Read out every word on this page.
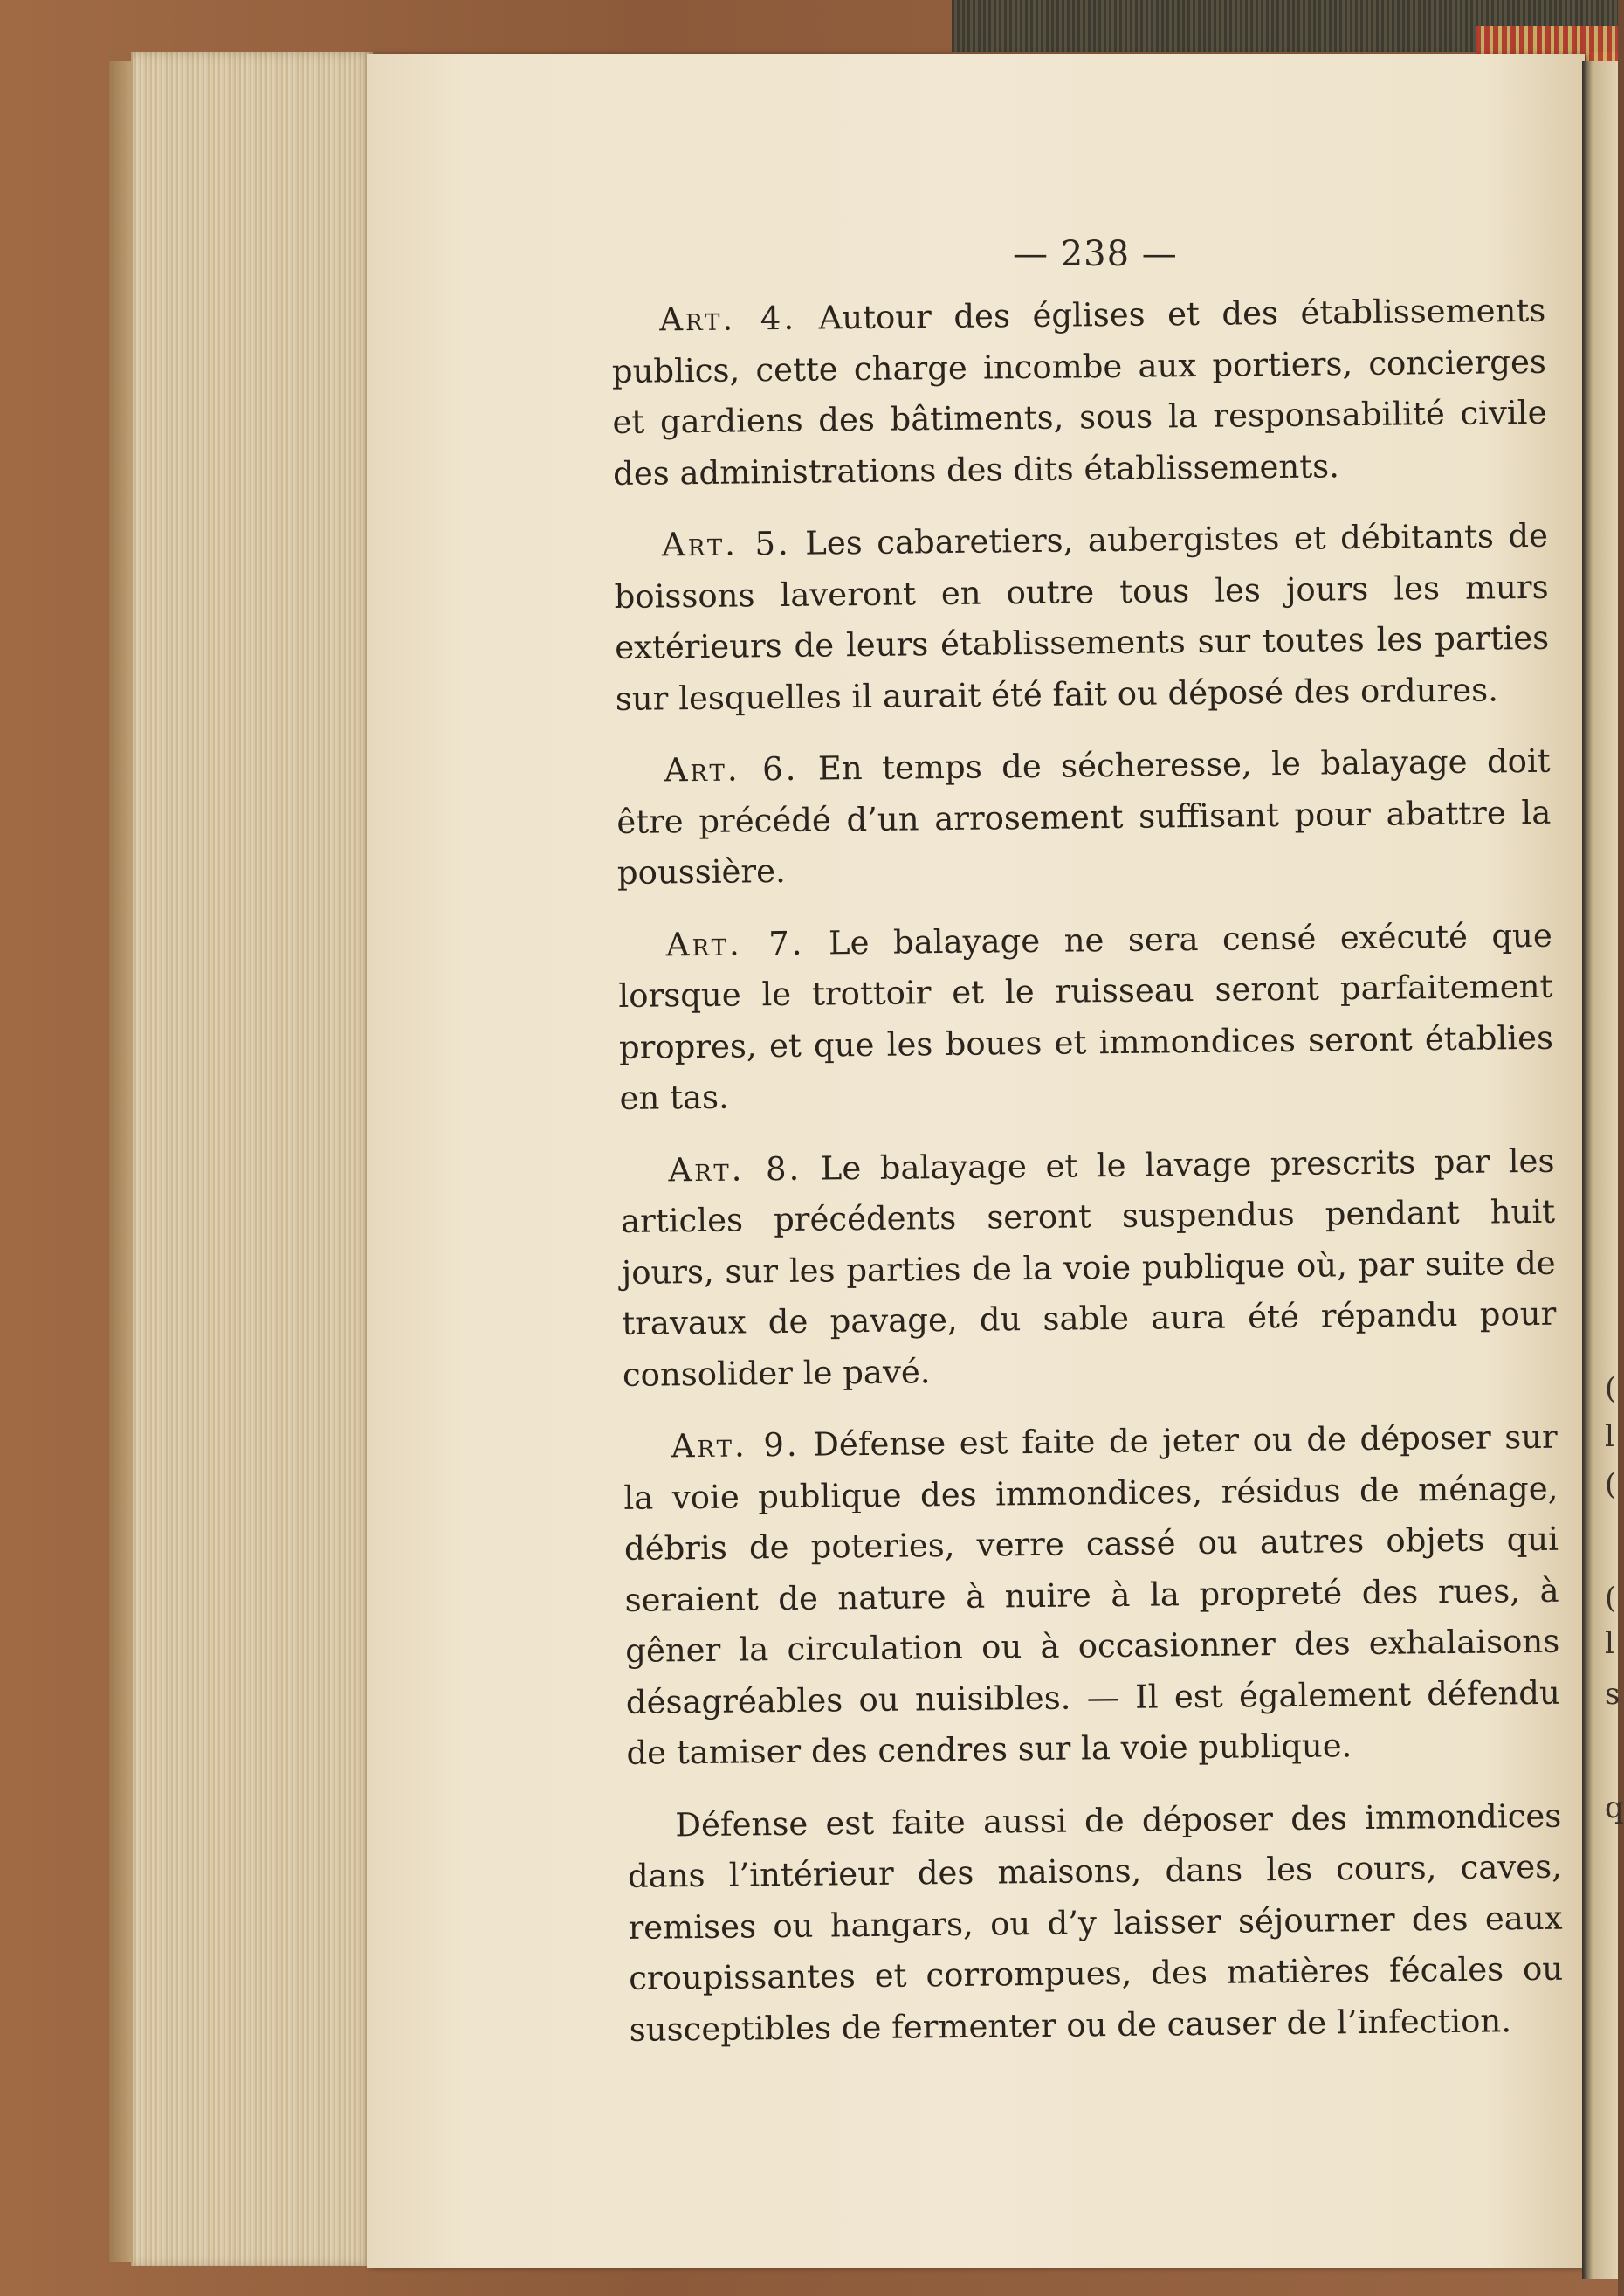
(
l
(
(
l
s
q
— 238 —

Art. 4. Autour des églises et des établissements publics, cette charge incombe aux portiers, concierges et gardiens des bâtiments, sous la responsabilité civile des administrations des dits établissements.

Art. 5. Les cabaretiers, aubergistes et débitants de boissons laveront en outre tous les jours les murs extérieurs de leurs établissements sur toutes les parties sur lesquelles il aurait été fait ou déposé des ordures.

Art. 6. En temps de sécheresse, le balayage doit être précédé d’un arrosement suffisant pour abattre la poussière.

Art. 7. Le balayage ne sera censé exécuté que lorsque le trottoir et le ruisseau seront parfaitement propres, et que les boues et immondices seront établies en tas.

Art. 8. Le balayage et le lavage prescrits par les articles précédents seront suspendus pendant huit jours, sur les parties de la voie publique où, par suite de travaux de pavage, du sable aura été répandu pour consolider le pavé.

Art. 9. Défense est faite de jeter ou de déposer sur la voie publique des immondices, résidus de ménage, débris de poteries, verre cassé ou autres objets qui seraient de nature à nuire à la propreté des rues, à gêner la circulation ou à occasionner des exhalaisons désagréables ou nuisibles. — Il est également défendu de tamiser des cendres sur la voie publique.

Défense est faite aussi de déposer des immondices dans l’intérieur des maisons, dans les cours, caves, remises ou hangars, ou d’y laisser séjourner des eaux croupissantes et corrompues, des matières fécales ou susceptibles de fermenter ou de causer de l’infection.
